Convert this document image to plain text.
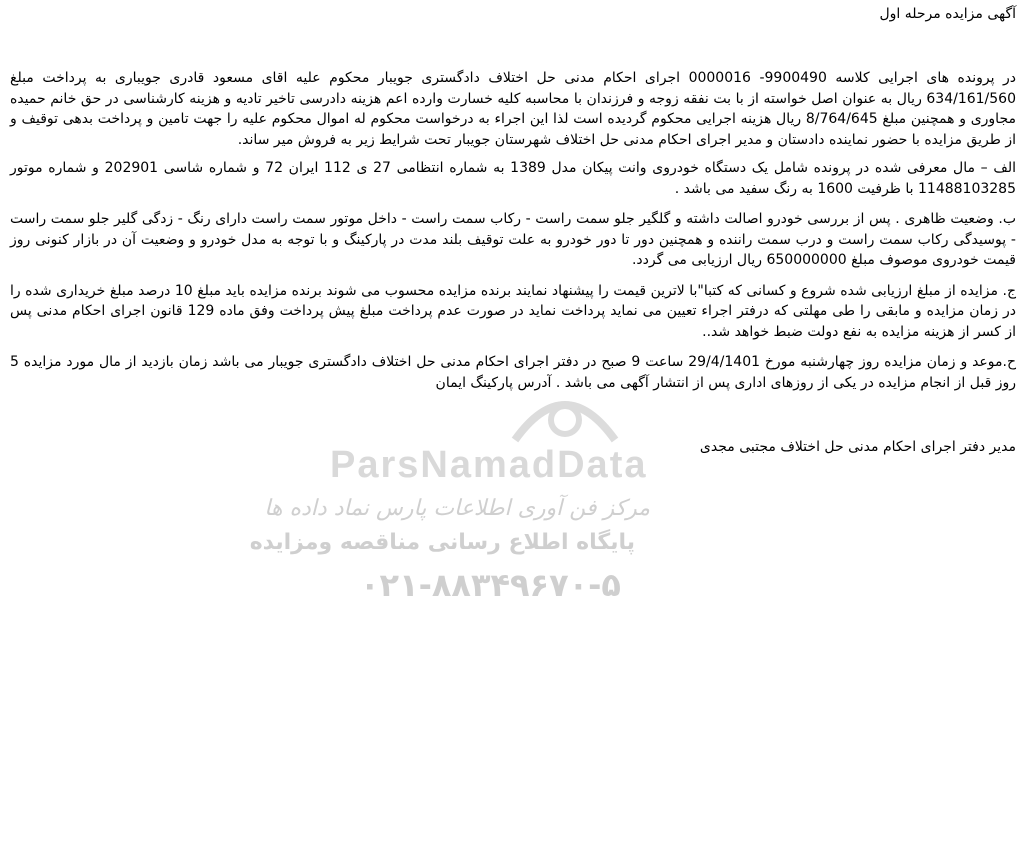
ParsNamadData
مرکز فن آوری اطلاعات پارس نماد داده ها
پایگاه اطلاع رسانی مناقصه ومزایده
۰۲۱-۸۸۳۴۹۶۷۰-۵

آگهی مزایده مرحله اول

در پرونده های اجرایی کلاسه 9900490- 0000016 اجرای احکام مدنی حل اختلاف دادگستری جویبار محکوم علیه اقای مسعود قادری جویباری به پرداخت مبلغ 634/161/560 ریال به عنوان اصل خواسته از با بت نفقه زوجه و فرزندان با محاسبه کلیه خسارت وارده اعم هزینه دادرسی تاخیر تادیه و هزینه کارشناسی در حق خانم حمیده مجاوری و همچنین مبلغ 8/764/645 ریال هزینه اجرایی محکوم گردیده است لذا این اجراء به درخواست محکوم له اموال محکوم علیه را جهت تامین و پرداخت بدهی توقیف و از طریق مزایده با حضور نماینده دادستان و مدیر اجرای احکام مدنی حل اختلاف شهرستان جویبار تحت شرایط زیر به فروش میر ساند.

الف – مال معرفی شده در پرونده شامل یک دستگاه خودروی وانت پیکان مدل 1389 به شماره انتظامی 27 ی 112 ایران 72 و شماره شاسی 202901 و شماره موتور 11488103285 با ظرفیت 1600 به رنگ سفید می باشد .

ب. وضعیت ظاهری . پس از بررسی خودرو اصالت داشته و گلگیر جلو سمت راست - رکاب سمت راست - داخل موتور سمت راست دارای رنگ - زدگی گلیر جلو سمت راست - پوسیدگی رکاب سمت راست و درب سمت راننده و همچنین دور تا دور خودرو به علت توقیف بلند مدت در پارکینگ و با توجه به مدل خودرو و وضعیت آن در بازار کنونی روز قیمت خودروی موصوف مبلغ 650000000 ریال ارزیابی می گردد.

ج. مزایده از مبلغ ارزیابی شده شروع و کسانی که کتبا"با لاترین قیمت را پیشنهاد نمایند برنده مزایده محسوب می شوند برنده مزایده باید مبلغ 10 درصد مبلغ خریداری شده را در زمان مزایده و مابقی را طی مهلتی که درفتر اجراء تعیین می نماید پرداخت نماید در صورت عدم پرداخت مبلغ پیش پرداخت وفق ماده 129 قانون اجرای احکام مدنی پس از کسر از هزینه مزایده به نفع دولت ضبط خواهد شد..

ح.موعد و زمان مزایده روز چهارشنبه مورخ 29/4/1401 ساعت 9 صبح در دفتر اجرای احکام مدنی حل اختلاف دادگستری جویبار می باشد زمان بازدید از مال مورد مزایده 5 روز قبل از انجام مزایده در یکی از روزهای اداری پس از انتشار آگهی می باشد . آدرس پارکینگ ایمان

مدیر دفتر اجرای احکام مدنی حل اختلاف مجتبی مجدی
